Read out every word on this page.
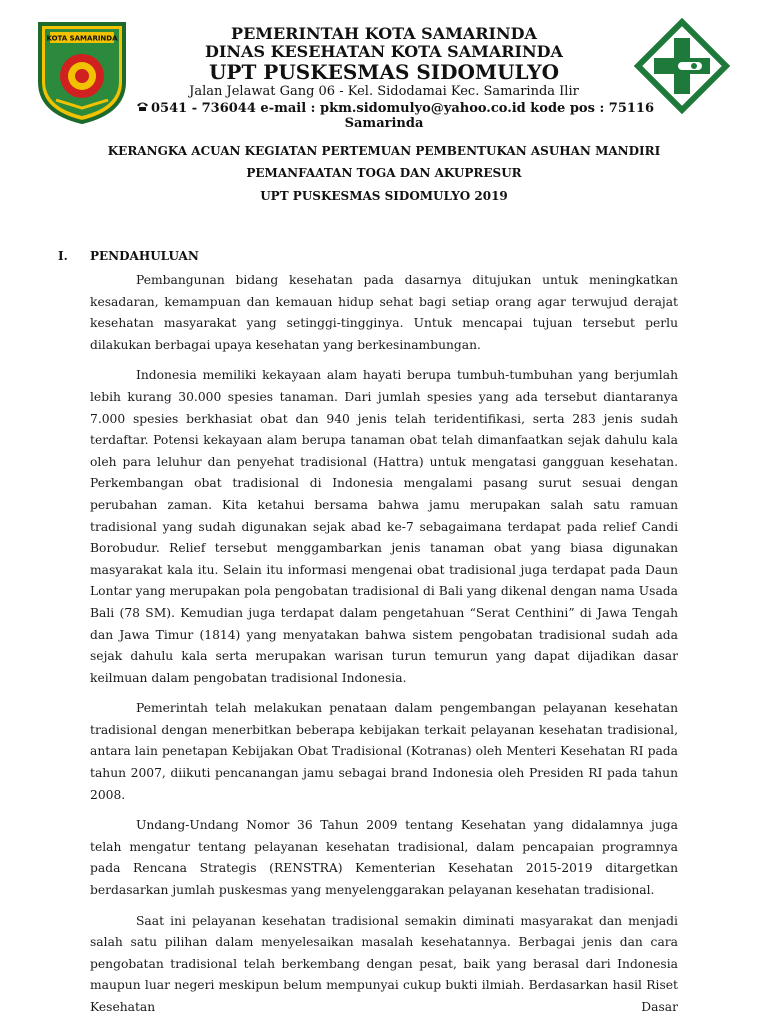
KOTA SAMARINDA	PEMERINTAH KOTA SAMARINDA
DINAS KESEHATAN KOTA SAMARINDA
UPT PUSKESMAS SIDOMULYO
Jalan Jelawat Gang 06 - Kel. Sidodamai Kec. Samarinda Ilir
0541 - 736044 e-mail : pkm.sidomulyo@yahoo.co.id kode pos : 75116
Samarinda
KERANGKA ACUAN KEGIATAN PERTEMUAN PEMBENTUKAN ASUHAN MANDIRI
PEMANFAATAN TOGA DAN AKUPRESUR
UPT PUSKESMAS SIDOMULYO 2019
I. PENDAHULUAN

Pembangunan bidang kesehatan pada dasarnya ditujukan untuk meningkatkan kesadaran, kemampuan dan kemauan hidup sehat bagi setiap orang agar terwujud derajat kesehatan masyarakat yang setinggi-tingginya. Untuk mencapai tujuan tersebut perlu dilakukan berbagai upaya kesehatan yang berkesinambungan.

Indonesia memiliki kekayaan alam hayati berupa tumbuh-tumbuhan yang berjumlah lebih kurang 30.000 spesies tanaman. Dari jumlah spesies yang ada tersebut diantaranya 7.000 spesies berkhasiat obat dan 940 jenis telah teridentifikasi, serta 283 jenis sudah terdaftar. Potensi kekayaan alam berupa tanaman obat telah dimanfaatkan sejak dahulu kala oleh para leluhur dan penyehat tradisional (Hattra) untuk mengatasi gangguan kesehatan. Perkembangan obat tradisional di Indonesia mengalami pasang surut sesuai dengan perubahan zaman. Kita ketahui bersama bahwa jamu merupakan salah satu ramuan tradisional yang sudah digunakan sejak abad ke-7 sebagaimana terdapat pada relief Candi Borobudur. Relief tersebut menggambarkan jenis tanaman obat yang biasa digunakan masyarakat kala itu. Selain itu informasi mengenai obat tradisional juga terdapat pada Daun Lontar yang merupakan pola pengobatan tradisional di Bali yang dikenal dengan nama Usada Bali (78 SM). Kemudian juga terdapat dalam pengetahuan “Serat Centhini” di Jawa Tengah dan Jawa Timur (1814) yang menyatakan bahwa sistem pengobatan tradisional sudah ada sejak dahulu kala serta merupakan warisan turun temurun yang dapat dijadikan dasar keilmuan dalam pengobatan tradisional Indonesia.

Pemerintah telah melakukan penataan dalam pengembangan pelayanan kesehatan tradisional dengan menerbitkan beberapa kebijakan terkait pelayanan kesehatan tradisional, antara lain penetapan Kebijakan Obat Tradisional (Kotranas) oleh Menteri Kesehatan RI pada tahun 2007, diikuti pencanangan jamu sebagai brand Indonesia oleh Presiden RI pada tahun 2008.

Undang-Undang Nomor 36 Tahun 2009 tentang Kesehatan yang didalamnya juga telah mengatur tentang pelayanan kesehatan tradisional, dalam pencapaian programnya pada Rencana Strategis (RENSTRA) Kementerian Kesehatan 2015-2019 ditargetkan berdasarkan jumlah puskesmas yang menyelenggarakan pelayanan kesehatan tradisional.

Saat ini pelayanan kesehatan tradisional semakin diminati masyarakat dan menjadi salah satu pilihan dalam menyelesaikan masalah kesehatannya. Berbagai jenis dan cara pengobatan tradisional telah berkembang dengan pesat, baik yang berasal dari Indonesia maupun luar negeri meskipun belum mempunyai cukup bukti ilmiah. Berdasarkan hasil Riset Kesehatan Dasar
